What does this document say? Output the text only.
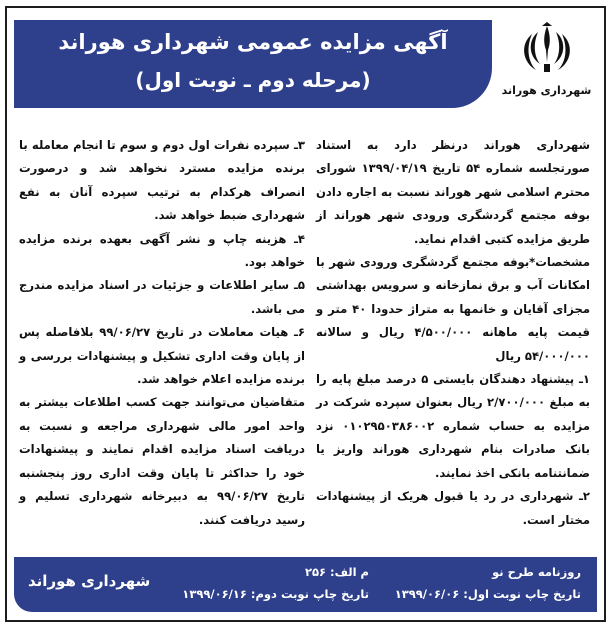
آگهی مزایده عمومی شهرداری هوراند
(مرحله دوم ـ نوبت اول)	شهرداری هوراند

شهرداری هوراند درنظر دارد به استناد صورتجلسه شماره ۵۴ تاریخ ۱۳۹۹/۰۴/۱۹ شورای محترم اسلامی شهر هوراند نسبت به اجاره دادن بوفه مجتمع گردشگری ورودی شهر هوراند از طریق مزایده کتبی اقدام نماید.

مشخصات*بوفه مجتمع گردشگری ورودی شهر با امکانات آب و برق نمازخانه و سرویس بهداشتی مجزای آقایان و خانمها به متراژ حدودا ۴۰ متر و قیمت پایه ماهانه ۴/۵۰۰/۰۰۰ ریال و سالانه ۵۴/۰۰۰/۰۰۰ ریال

۱ـ پیشنهاد دهندگان بایستی ۵ درصد مبلغ پایه را به مبلغ ۲/۷۰۰/۰۰۰ ریال بعنوان سپرده شرکت در مزایده به حساب شماره ۰۱۰۲۹۵۰۳۸۶۰۰۲ نزد بانک صادرات بنام شهرداری هوراند واریز یا ضمانتنامه بانکی اخذ نمایند.

۲ـ شهرداری در رد یا قبول هریک از پیشنهادات مختار است.

۳ـ سپرده نفرات اول دوم و سوم تا انجام معامله با برنده مزایده مسترد نخواهد شد و درصورت انصراف هرکدام به ترتیب سپرده آنان به نفع شهرداری ضبط خواهد شد.

۴ـ هزینه چاپ و نشر آگهی بعهده برنده مزایده خواهد بود.

۵ـ سایر اطلاعات و جزئیات در اسناد مزایده مندرج می باشد.

۶ـ هیات معاملات در تاریخ ۹۹/۰۶/۲۷ بلافاصله پس از پایان وقت اداری تشکیل و پیشنهادات بررسی و برنده مزایده اعلام خواهد شد.

متقاضیان می‌توانند جهت کسب اطلاعات بیشتر به واحد امور مالی شهرداری مراجعه و نسبت به دریافت اسناد مزایده اقدام نمایند و پیشنهادات خود را حداکثر تا پایان وقت اداری روز پنجشنبه تاریخ ۹۹/۰۶/۲۷ به دبیرخانه شهرداری تسلیم و رسید دریافت کنند.

روزنامه طرح نو
تاریخ چاپ نوبت اول: ۱۳۹۹/۰۶/۰۶
م الف: ۲۵۶
تاریخ چاپ نوبت دوم: ۱۳۹۹/۰۶/۱۶
شهرداری هوراند
